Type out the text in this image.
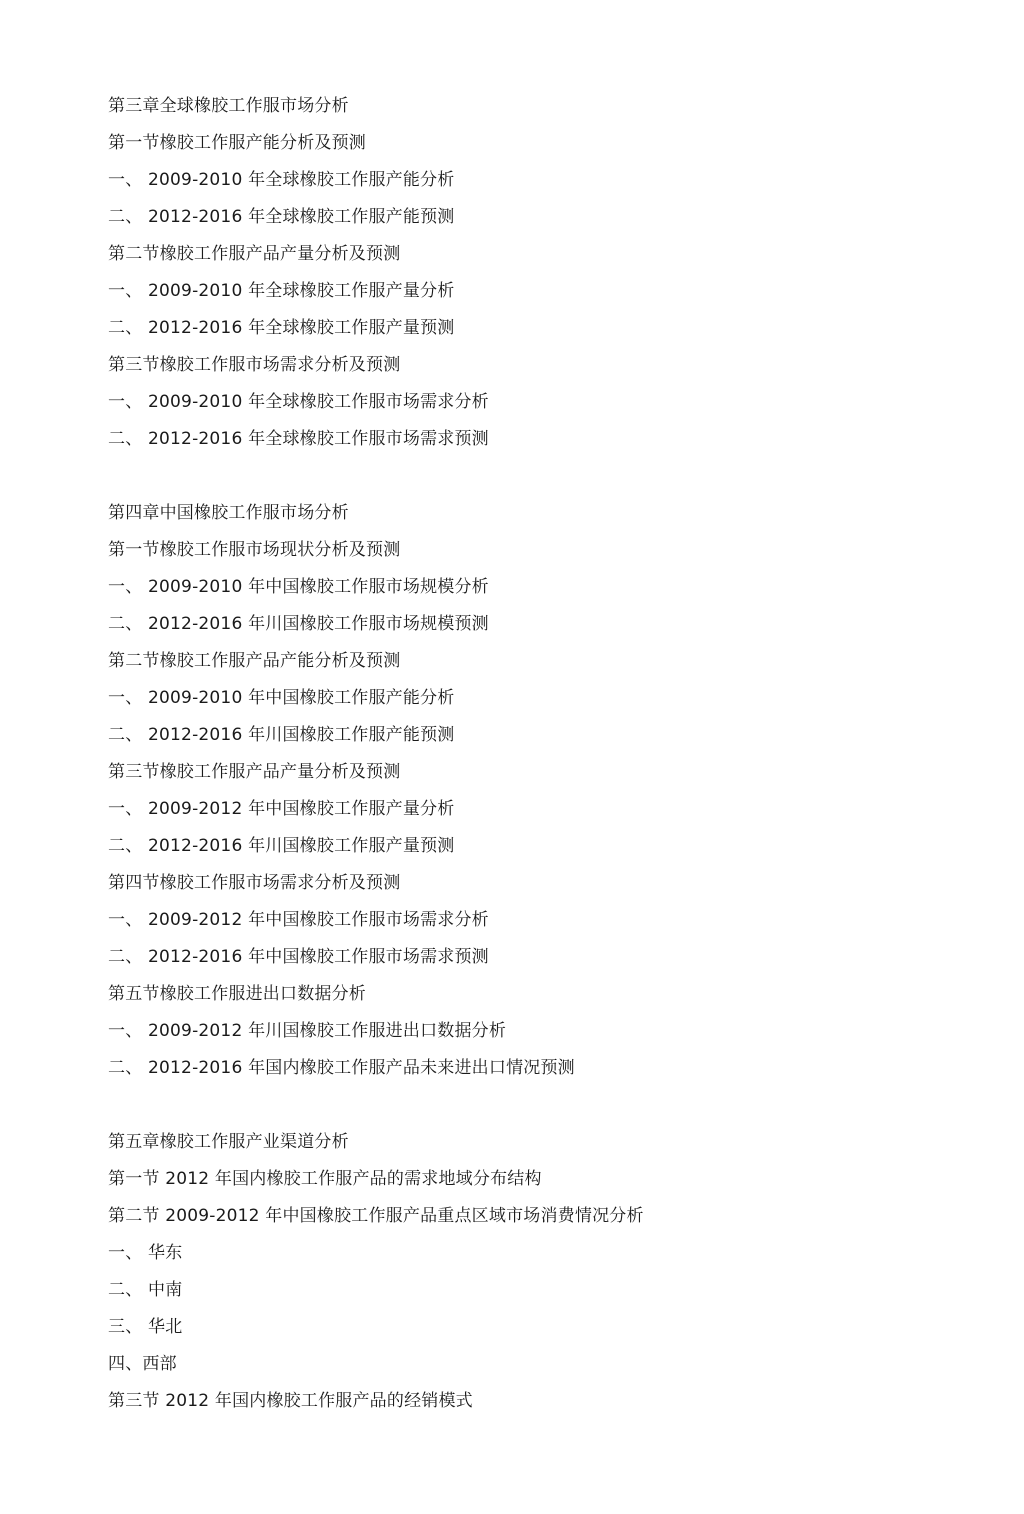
第三章全球橡胶工作服市场分析
第一节橡胶工作服产能分析及预测
一、 2009-2010 年全球橡胶工作服产能分析
二、 2012-2016 年全球橡胶工作服产能预测
第二节橡胶工作服产品产量分析及预测
一、 2009-2010 年全球橡胶工作服产量分析
二、 2012-2016 年全球橡胶工作服产量预测
第三节橡胶工作服市场需求分析及预测
一、 2009-2010 年全球橡胶工作服市场需求分析
二、 2012-2016 年全球橡胶工作服市场需求预测
第四章中国橡胶工作服市场分析
第一节橡胶工作服市场现状分析及预测
一、 2009-2010 年中国橡胶工作服市场规模分析
二、 2012-2016 年川国橡胶工作服市场规模预测
第二节橡胶工作服产品产能分析及预测
一、 2009-2010 年中国橡胶工作服产能分析
二、 2012-2016 年川国橡胶工作服产能预测
第三节橡胶工作服产品产量分析及预测
一、 2009-2012 年中国橡胶工作服产量分析
二、 2012-2016 年川国橡胶工作服产量预测
第四节橡胶工作服市场需求分析及预测
一、 2009-2012 年中国橡胶工作服市场需求分析
二、 2012-2016 年中国橡胶工作服市场需求预测
第五节橡胶工作服进出口数据分析
一、 2009-2012 年川国橡胶工作服进出口数据分析
二、 2012-2016 年国内橡胶工作服产品未来进出口情况预测
第五章橡胶工作服产业渠道分析
第一节 2012 年国内橡胶工作服产品的需求地域分布结构
第二节 2009-2012 年中国橡胶工作服产品重点区域市场消费情况分析
一、 华东
二、 中南
三、 华北
四、西部
第三节 2012 年国内橡胶工作服产品的经销模式
